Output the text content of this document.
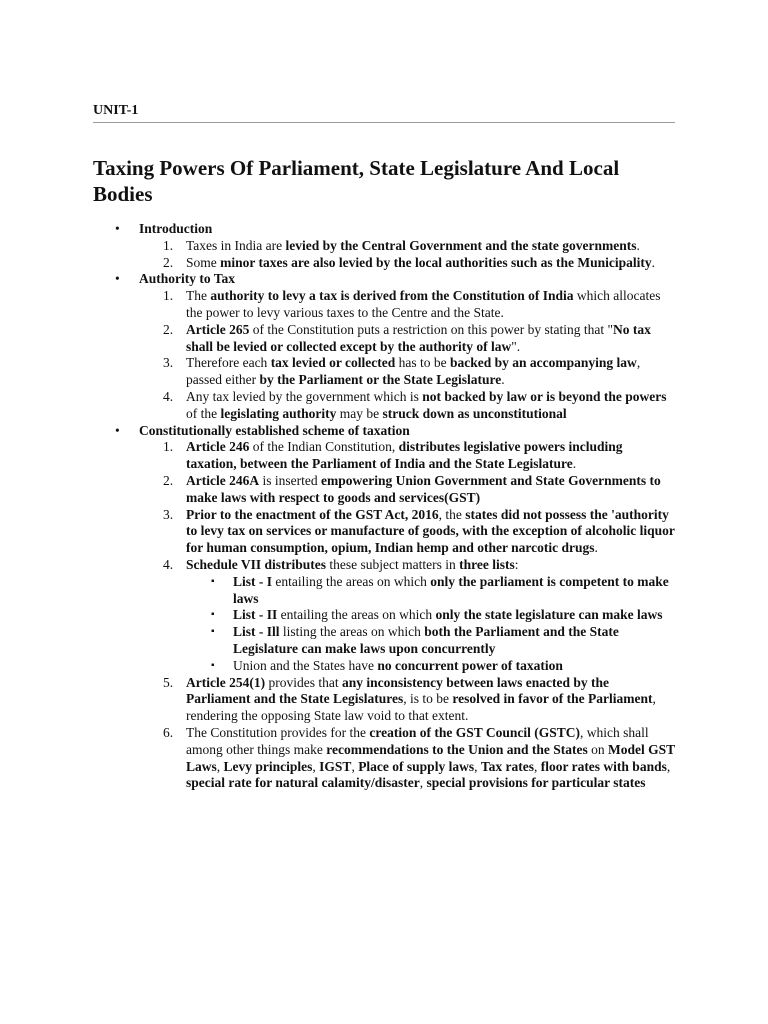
UNIT-1
Taxing Powers Of Parliament, State Legislature And Local Bodies
• Introduction
1. Taxes in India are levied by the Central Government and the state governments.
2. Some minor taxes are also levied by the local authorities such as the Municipality.
• Authority to Tax
1. The authority to levy a tax is derived from the Constitution of India which allocates the power to levy various taxes to the Centre and the State.
2. Article 265 of the Constitution puts a restriction on this power by stating that "No tax shall be levied or collected except by the authority of law".
3. Therefore each tax levied or collected has to be backed by an accompanying law, passed either by the Parliament or the State Legislature.
4. Any tax levied by the government which is not backed by law or is beyond the powers of the legislating authority may be struck down as unconstitutional
• Constitutionally established scheme of taxation
1. Article 246 of the Indian Constitution, distributes legislative powers including taxation, between the Parliament of India and the State Legislature.
2. Article 246A is inserted empowering Union Government and State Governments to make laws with respect to goods and services(GST)
3. Prior to the enactment of the GST Act, 2016, the states did not possess the 'authority to levy tax on services or manufacture of goods, with the exception of alcoholic liquor for human consumption, opium, Indian hemp and other narcotic drugs.
4. Schedule VII distributes these subject matters in three lists:
▪ List - I entailing the areas on which only the parliament is competent to make laws
▪ List - II entailing the areas on which only the state legislature can make laws
▪ List - Ill listing the areas on which both the Parliament and the State Legislature can make laws upon concurrently
▪ Union and the States have no concurrent power of taxation
5. Article 254(1) provides that any inconsistency between laws enacted by the Parliament and the State Legislatures, is to be resolved in favor of the Parliament, rendering the opposing State law void to that extent.
6. The Constitution provides for the creation of the GST Council (GSTC), which shall among other things make recommendations to the Union and the States on Model GST Laws, Levy principles, IGST, Place of supply laws, Tax rates, floor rates with bands, special rate for natural calamity/disaster, special provisions for particular states
